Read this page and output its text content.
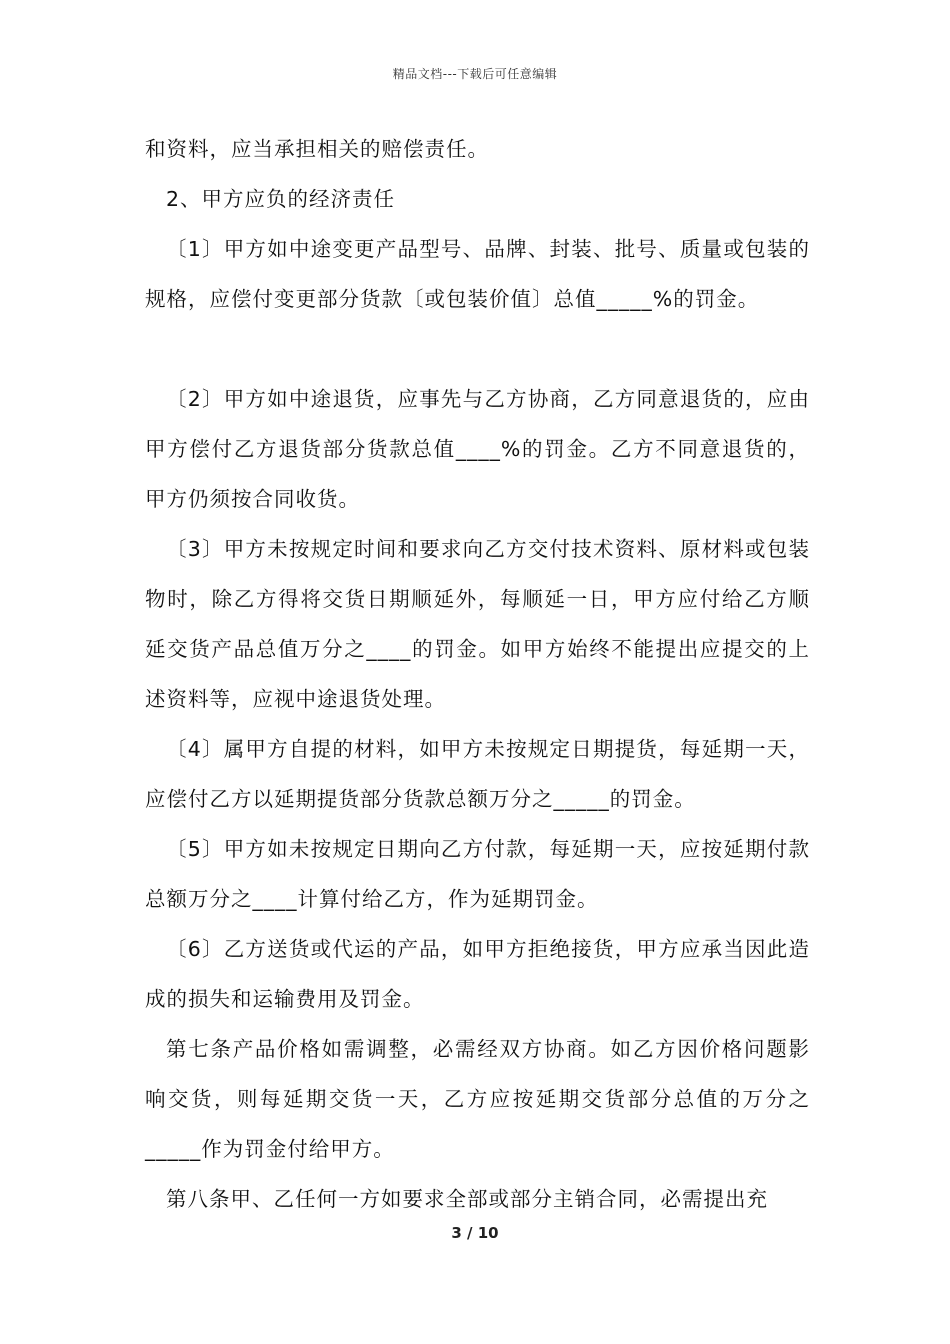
精品文档---下载后可任意编辑

和资料，应当承担相关的赔偿责任。

2、甲方应负的经济责任

〔1〕甲方如中途变更产品型号、品牌、封装、批号、质量或包装的规格，应偿付变更部分货款〔或包装价值〕总值_____%的罚金。

〔2〕甲方如中途退货，应事先与乙方协商，乙方同意退货的，应由甲方偿付乙方退货部分货款总值____%的罚金。乙方不同意退货的，甲方仍须按合同收货。

〔3〕甲方未按规定时间和要求向乙方交付技术资料、原材料或包装物时，除乙方得将交货日期顺延外，每顺延一日，甲方应付给乙方顺延交货产品总值万分之____的罚金。如甲方始终不能提出应提交的上述资料等，应视中途退货处理。

〔4〕属甲方自提的材料，如甲方未按规定日期提货，每延期一天，应偿付乙方以延期提货部分货款总额万分之_____的罚金。

〔5〕甲方如未按规定日期向乙方付款，每延期一天，应按延期付款总额万分之____计算付给乙方，作为延期罚金。

〔6〕乙方送货或代运的产品，如甲方拒绝接货，甲方应承当因此造成的损失和运输费用及罚金。

第七条产品价格如需调整，必需经双方协商。如乙方因价格问题影响交货，则每延期交货一天，乙方应按延期交货部分总值的万分之_____作为罚金付给甲方。

第八条甲、乙任何一方如要求全部或部分主销合同，必需提出充

3 / 10
